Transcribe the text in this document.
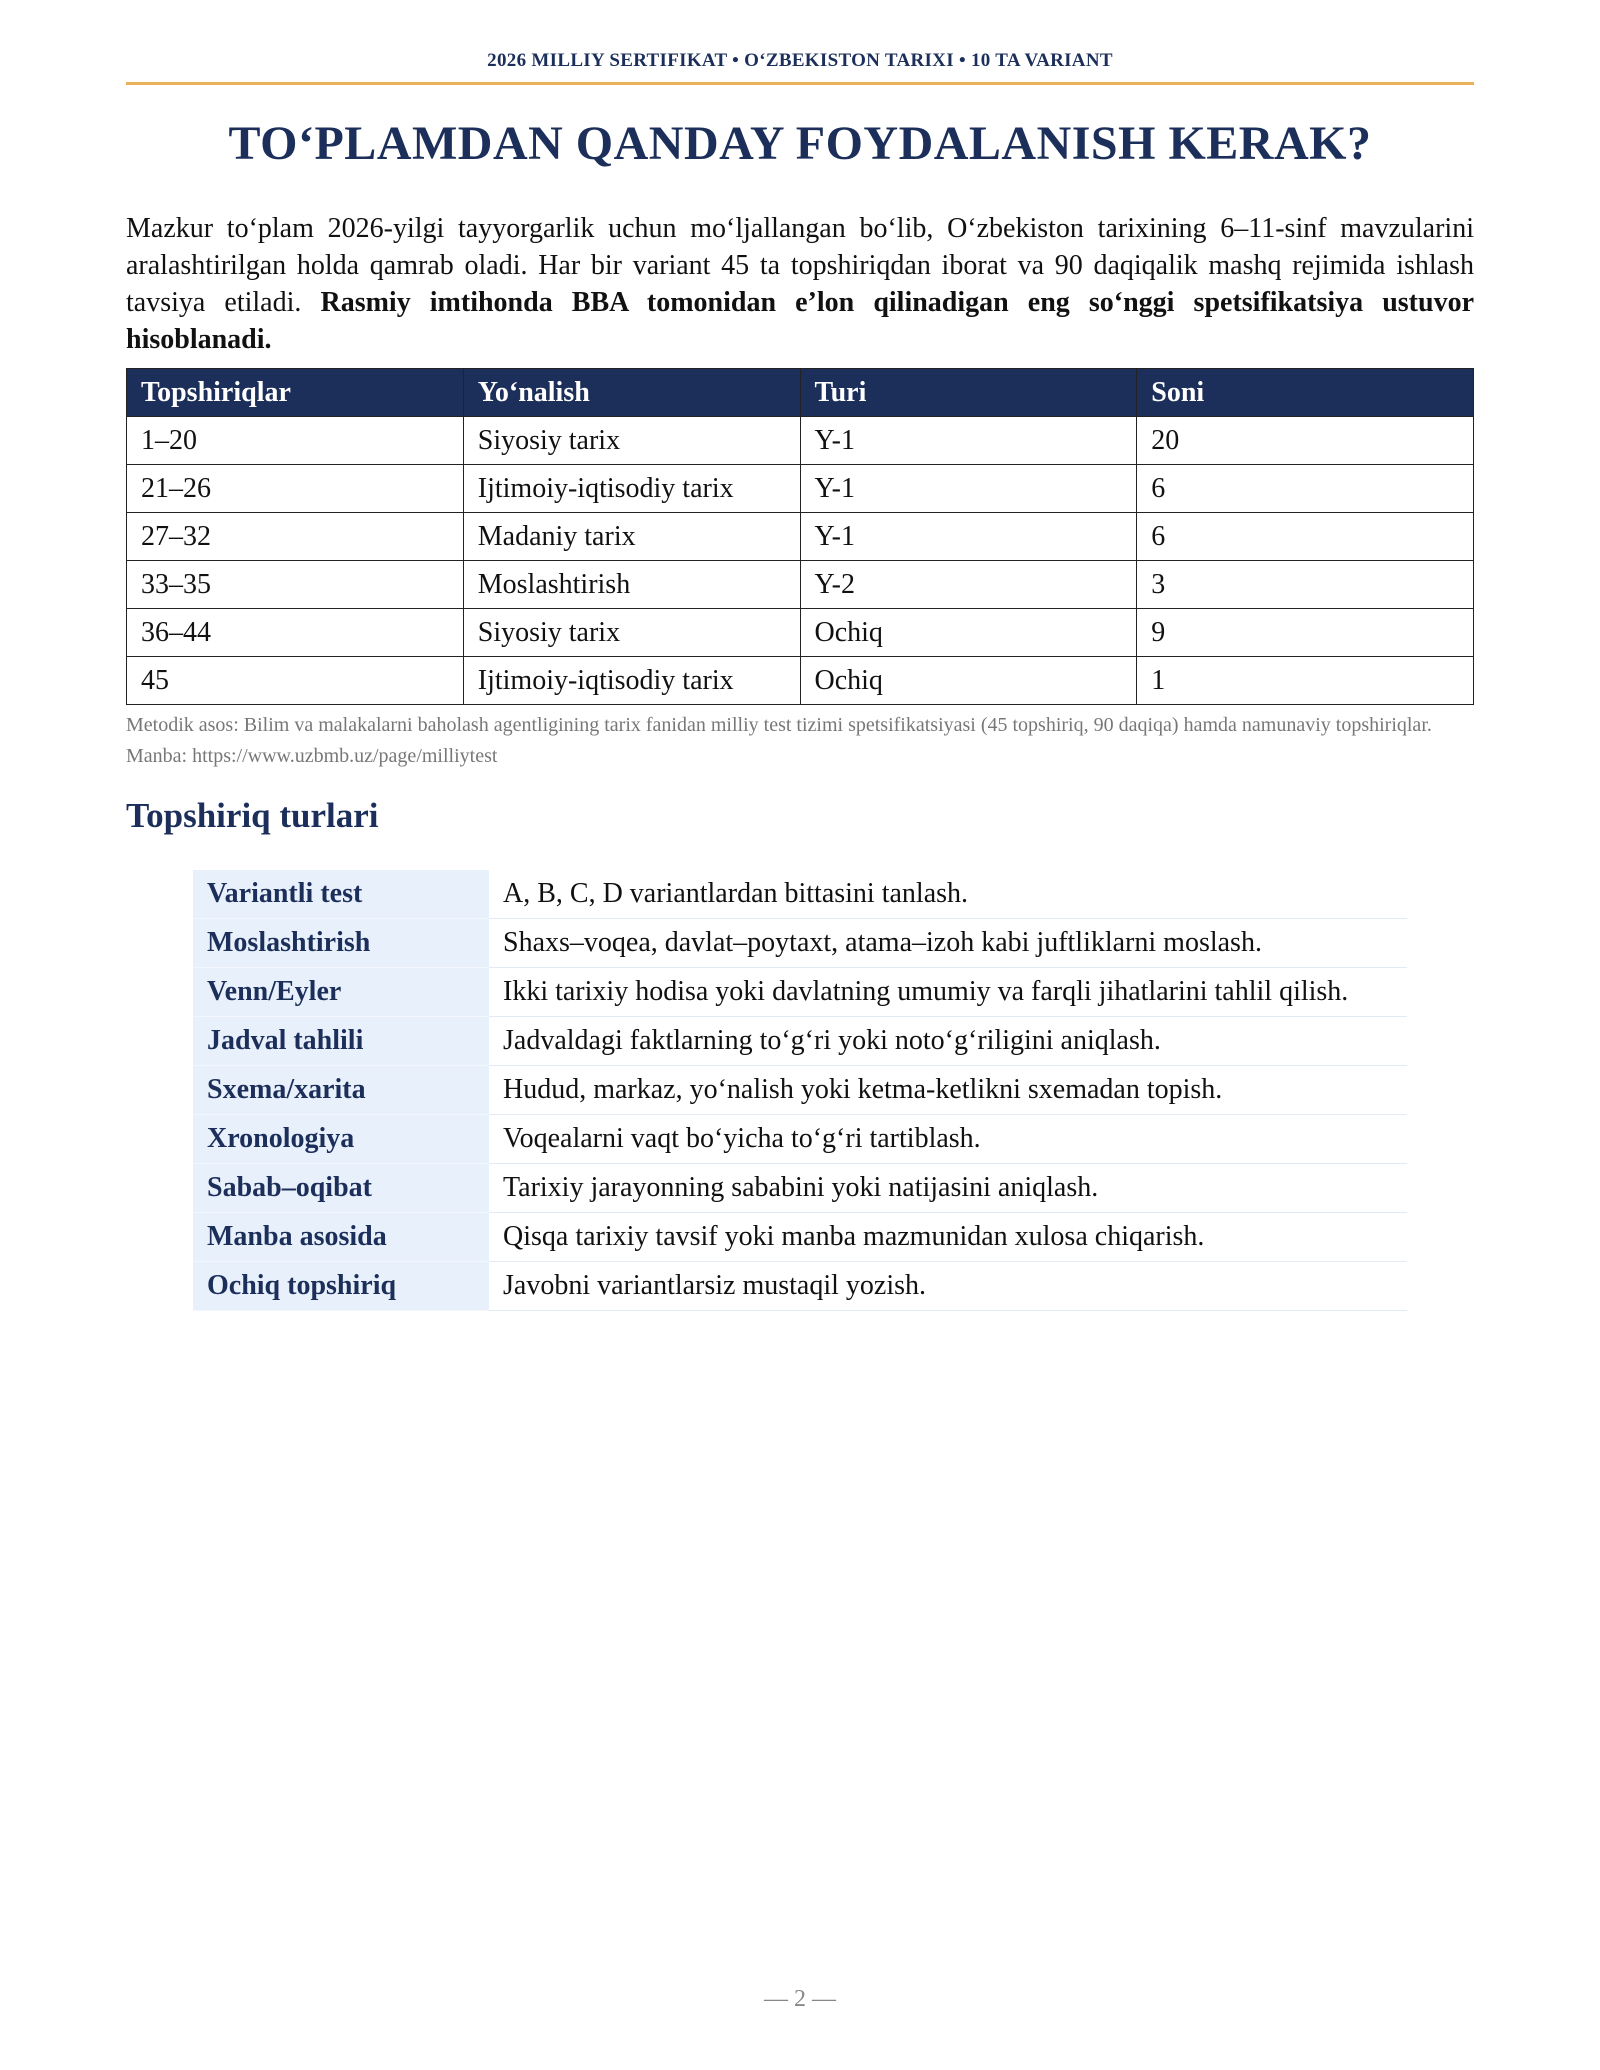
2026 MILLIY SERTIFIKAT • O‘ZBEKISTON TARIXI • 10 TA VARIANT
TO‘PLAMDAN QANDAY FOYDALANISH KERAK?

Mazkur to‘plam 2026-yilgi tayyorgarlik uchun mo‘ljallangan bo‘lib, O‘zbekiston tarixining 6–11-sinf mavzularini aralashtirilgan holda qamrab oladi. Har bir variant 45 ta topshiriqdan iborat va 90 daqiqalik mashq rejimida ishlash tavsiya etiladi. Rasmiy imtihonda BBA tomonidan e’lon qilinadigan eng so‘nggi spetsifikatsiya ustuvor hisoblanadi.

Topshiriqlar	Yo‘nalish	Turi	Soni
1–20	Siyosiy tarix	Y-1	20
21–26	Ijtimoiy-iqtisodiy tarix	Y-1	6
27–32	Madaniy tarix	Y-1	6
33–35	Moslashtirish	Y-2	3
36–44	Siyosiy tarix	Ochiq	9
45	Ijtimoiy-iqtisodiy tarix	Ochiq	1

Metodik asos: Bilim va malakalarni baholash agentligining tarix fanidan milliy test tizimi spetsifikatsiyasi (45 topshiriq, 90 daqiqa) hamda namunaviy topshiriqlar. Manba: https://www.uzbmb.uz/page/milliytest

Topshiriq turlari
Variantli test	A, B, C, D variantlardan bittasini tanlash.
Moslashtirish	Shaxs–voqea, davlat–poytaxt, atama–izoh kabi juftliklarni moslash.
Venn/Eyler	Ikki tarixiy hodisa yoki davlatning umumiy va farqli jihatlarini tahlil qilish.
Jadval tahlili	Jadvaldagi faktlarning to‘g‘ri yoki noto‘g‘riligini aniqlash.
Sxema/xarita	Hudud, markaz, yo‘nalish yoki ketma-ketlikni sxemadan topish.
Xronologiya	Voqealarni vaqt bo‘yicha to‘g‘ri tartiblash.
Sabab–oqibat	Tarixiy jarayonning sababini yoki natijasini aniqlash.
Manba asosida	Qisqa tarixiy tavsif yoki manba mazmunidan xulosa chiqarish.
Ochiq topshiriq	Javobni variantlarsiz mustaqil yozish.
— 2 —
